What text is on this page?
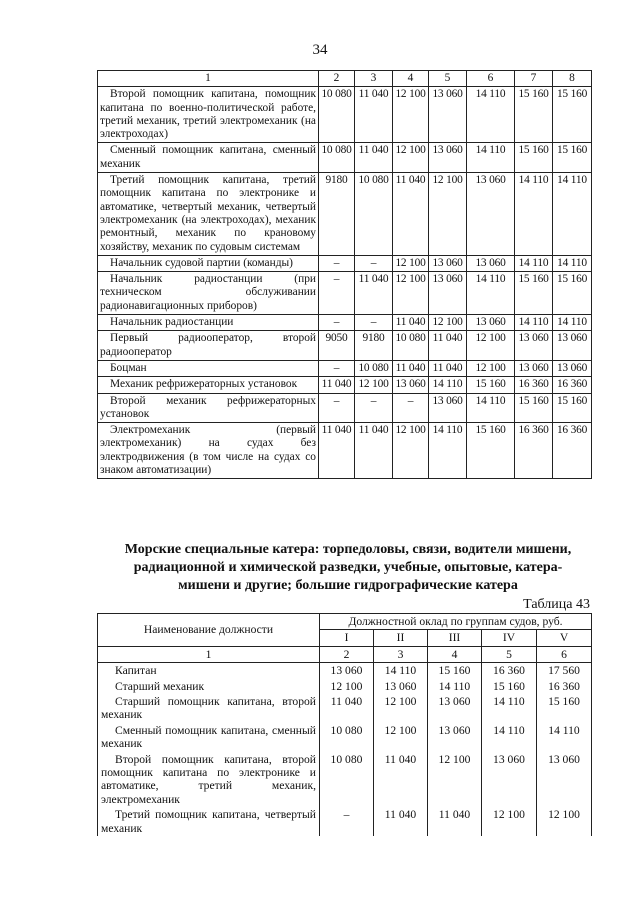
34
1	2	3	4	5	6	7	8
Второй помощник капитана, помощник капитана по военно-политической работе, третий механик, третий электромеханик (на электроходах)	10 080	11 040	12 100	13 060	14 110	15 160	15 160
Сменный помощник капитана, сменный механик	10 080	11 040	12 100	13 060	14 110	15 160	15 160
Третий помощник капитана, третий помощник капитана по электронике и автоматике, четвертый механик, четвертый электромеханик (на электроходах), механик ремонтный, механик по крановому хозяйству, механик по судовым системам	9180	10 080	11 040	12 100	13 060	14 110	14 110
Начальник судовой партии (команды)	–	–	12 100	13 060	13 060	14 110	14 110
Начальник радиостанции (при техническом обслуживании радионавигационных приборов)	–	11 040	12 100	13 060	14 110	15 160	15 160
Начальник радиостанции	–	–	11 040	12 100	13 060	14 110	14 110
Первый радиооператор, второй радиооператор	9050	9180	10 080	11 040	12 100	13 060	13 060
Боцман	–	10 080	11 040	11 040	12 100	13 060	13 060
Механик рефрижераторных установок	11 040	12 100	13 060	14 110	15 160	16 360	16 360
Второй механик рефрижераторных установок	–	–	–	13 060	14 110	15 160	15 160
Электромеханик (первый электромеханик) на судах без электродвижения (в том числе на судах со знаком автоматизации)	11 040	11 040	12 100	14 110	15 160	16 360	16 360
Морские специальные катера: торпедоловы, связи, водители мишени, радиационной и химической разведки, учебные, опытовые, катера-мишени и другие; большие гидрографические катера
Таблица 43
Наименование должности	Должностной оклад по группам судов, руб.				
	I	II	III	IV	V
1	2	3	4	5	6
Капитан	13 060	14 110	15 160	16 360	17 560
Старший механик	12 100	13 060	14 110	15 160	16 360
Старший помощник капитана, второй механик	11 040	12 100	13 060	14 110	15 160
Сменный помощник капитана, сменный механик	10 080	12 100	13 060	14 110	14 110
Второй помощник капитана, второй помощник капитана по электронике и автоматике, третий механик, электромеханик	10 080	11 040	12 100	13 060	13 060
Третий помощник капитана, четвертый механик	–	11 040	11 040	12 100	12 100
